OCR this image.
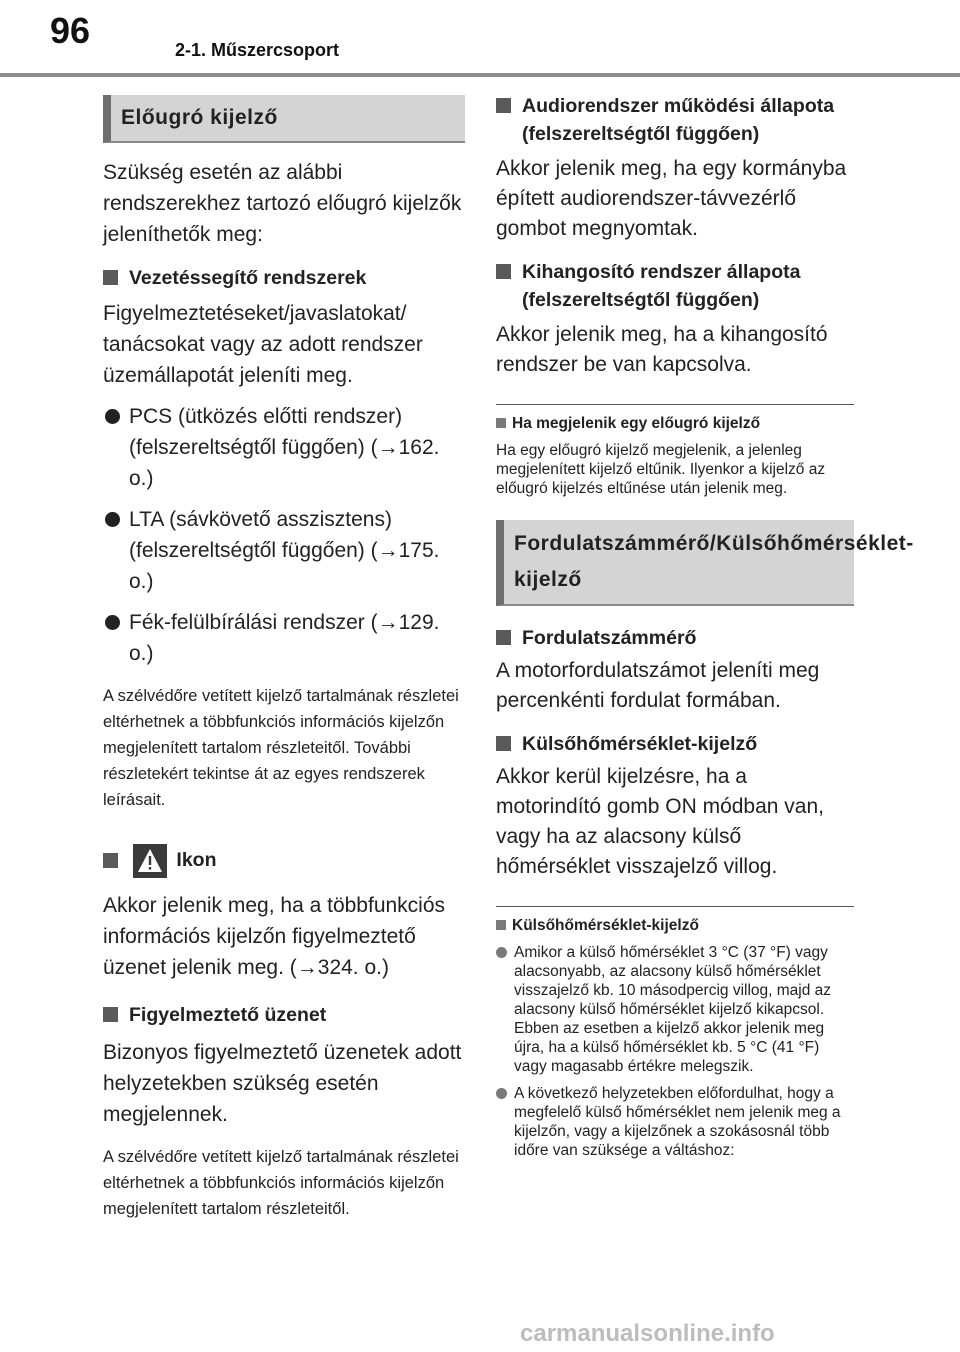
96	2-1. Műszercsoport
Előugró kijelző
Szükség esetén az alábbi rendszerekhez tartozó előugró kijelzők jeleníthetők meg:
Vezetéssegítő rendszerek
Figyelmeztetéseket/javaslatokat/ tanácsokat vagy az adott rendszer üzemállapotát jeleníti meg.
PCS (ütközés előtti rendszer) (felszereltségtől függően) (→162. o.)
LTA (sávkövető asszisztens) (felszereltségtől függően) (→175. o.)
Fék-felülbírálási rendszer (→129. o.)
A szélvédőre vetített kijelző tartalmának részletei eltérhetnek a többfunkciós információs kijelzőn megjelenített tartalom részleteitől. További részletekért tekintse át az egyes rendszerek leírásait.
Ikon
Akkor jelenik meg, ha a többfunkciós információs kijelzőn figyelmeztető üzenet jelenik meg. (→324. o.)
Figyelmeztető üzenet
Bizonyos figyelmeztető üzenetek adott helyzetekben szükség esetén megjelennek.
A szélvédőre vetített kijelző tartalmának részletei eltérhetnek a többfunkciós információs kijelzőn megjelenített tartalom részleteitől.
Audiorendszer működési állapota (felszereltségtől függően)
Akkor jelenik meg, ha egy kormányba épített audiorendszer-távvezérlő gombot megnyomtak.
Kihangosító rendszer állapota (felszereltségtől függően)
Akkor jelenik meg, ha a kihangosító rendszer be van kapcsolva.
Ha megjelenik egy előugró kijelző
Ha egy előugró kijelző megjelenik, a jelenleg megjelenített kijelző eltűnik. Ilyenkor a kijelző az előugró kijelzés eltűnése után jelenik meg.
Fordulatszámmérő/Külsőhőmérséklet-kijelző
Fordulatszámmérő
A motorfordulatszámot jeleníti meg percenkénti fordulat formában.
Külsőhőmérséklet-kijelző
Akkor kerül kijelzésre, ha a motorindító gomb ON módban van, vagy ha az alacsony külső hőmérséklet visszajelző villog.
Külsőhőmérséklet-kijelző
Amikor a külső hőmérséklet 3 °C (37 °F) vagy alacsonyabb, az alacsony külső hőmérséklet visszajelző kb. 10 másodpercig villog, majd az alacsony külső hőmérséklet kijelző kikapcsol. Ebben az esetben a kijelző akkor jelenik meg újra, ha a külső hőmérséklet kb. 5 °C (41 °F) vagy magasabb értékre melegszik.
A következő helyzetekben előfordulhat, hogy a megfelelő külső hőmérséklet nem jelenik meg a kijelzőn, vagy a kijelzőnek a szokásosnál több időre van szüksége a váltáshoz:
carmanualsonline.info
